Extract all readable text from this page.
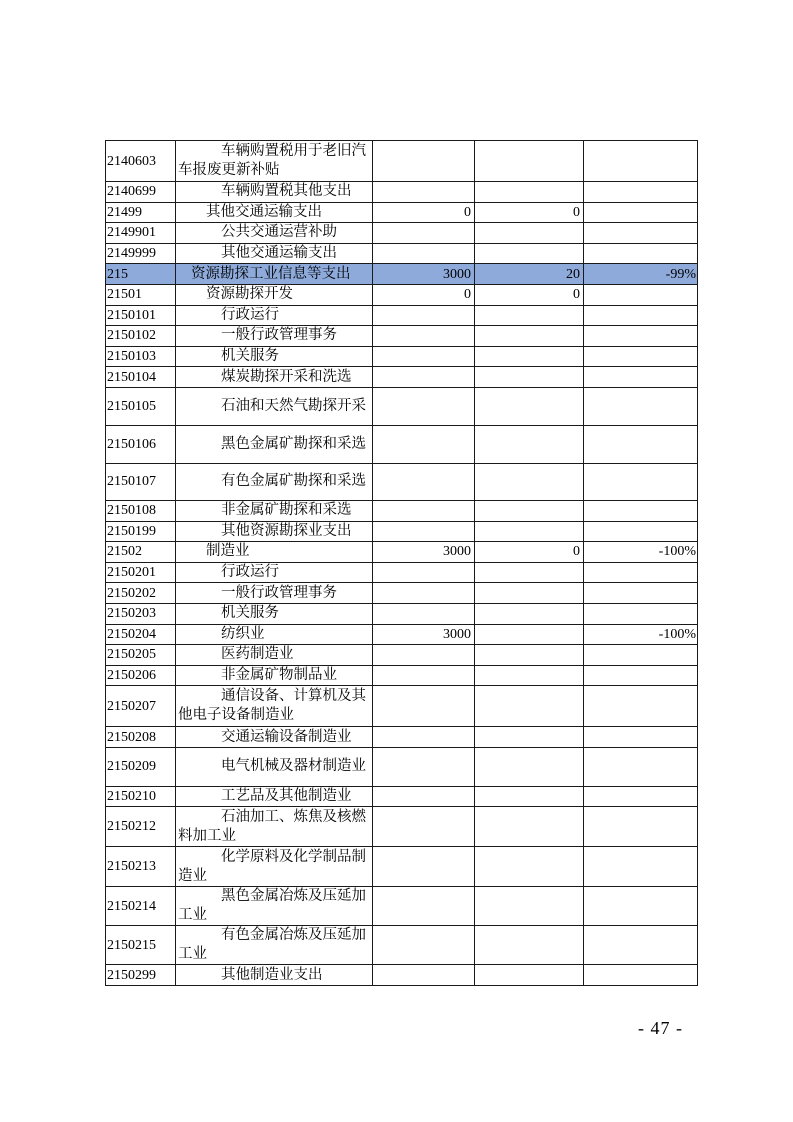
2140603	车辆购置税用于老旧汽车报废更新补贴			
2140699	车辆购置税其他支出			
21499	其他交通运输支出	0	0	
2149901	公共交通运营补助			
2149999	其他交通运输支出			
215	资源勘探工业信息等支出	3000	20	-99%
21501	资源勘探开发	0	0	
2150101	行政运行			
2150102	一般行政管理事务			
2150103	机关服务			
2150104	煤炭勘探开采和洗选			
2150105	石油和天然气勘探开采			
2150106	黑色金属矿勘探和采选			
2150107	有色金属矿勘探和采选			
2150108	非金属矿勘探和采选			
2150199	其他资源勘探业支出			
21502	制造业	3000	0	-100%
2150201	行政运行			
2150202	一般行政管理事务			
2150203	机关服务			
2150204	纺织业	3000		-100%
2150205	医药制造业			
2150206	非金属矿物制品业			
2150207	通信设备、计算机及其他电子设备制造业			
2150208	交通运输设备制造业			
2150209	电气机械及器材制造业			
2150210	工艺品及其他制造业			
2150212	石油加工、炼焦及核燃料加工业			
2150213	化学原料及化学制品制造业			
2150214	黑色金属冶炼及压延加工业			
2150215	有色金属冶炼及压延加工业			
2150299	其他制造业支出			
- 47 -
